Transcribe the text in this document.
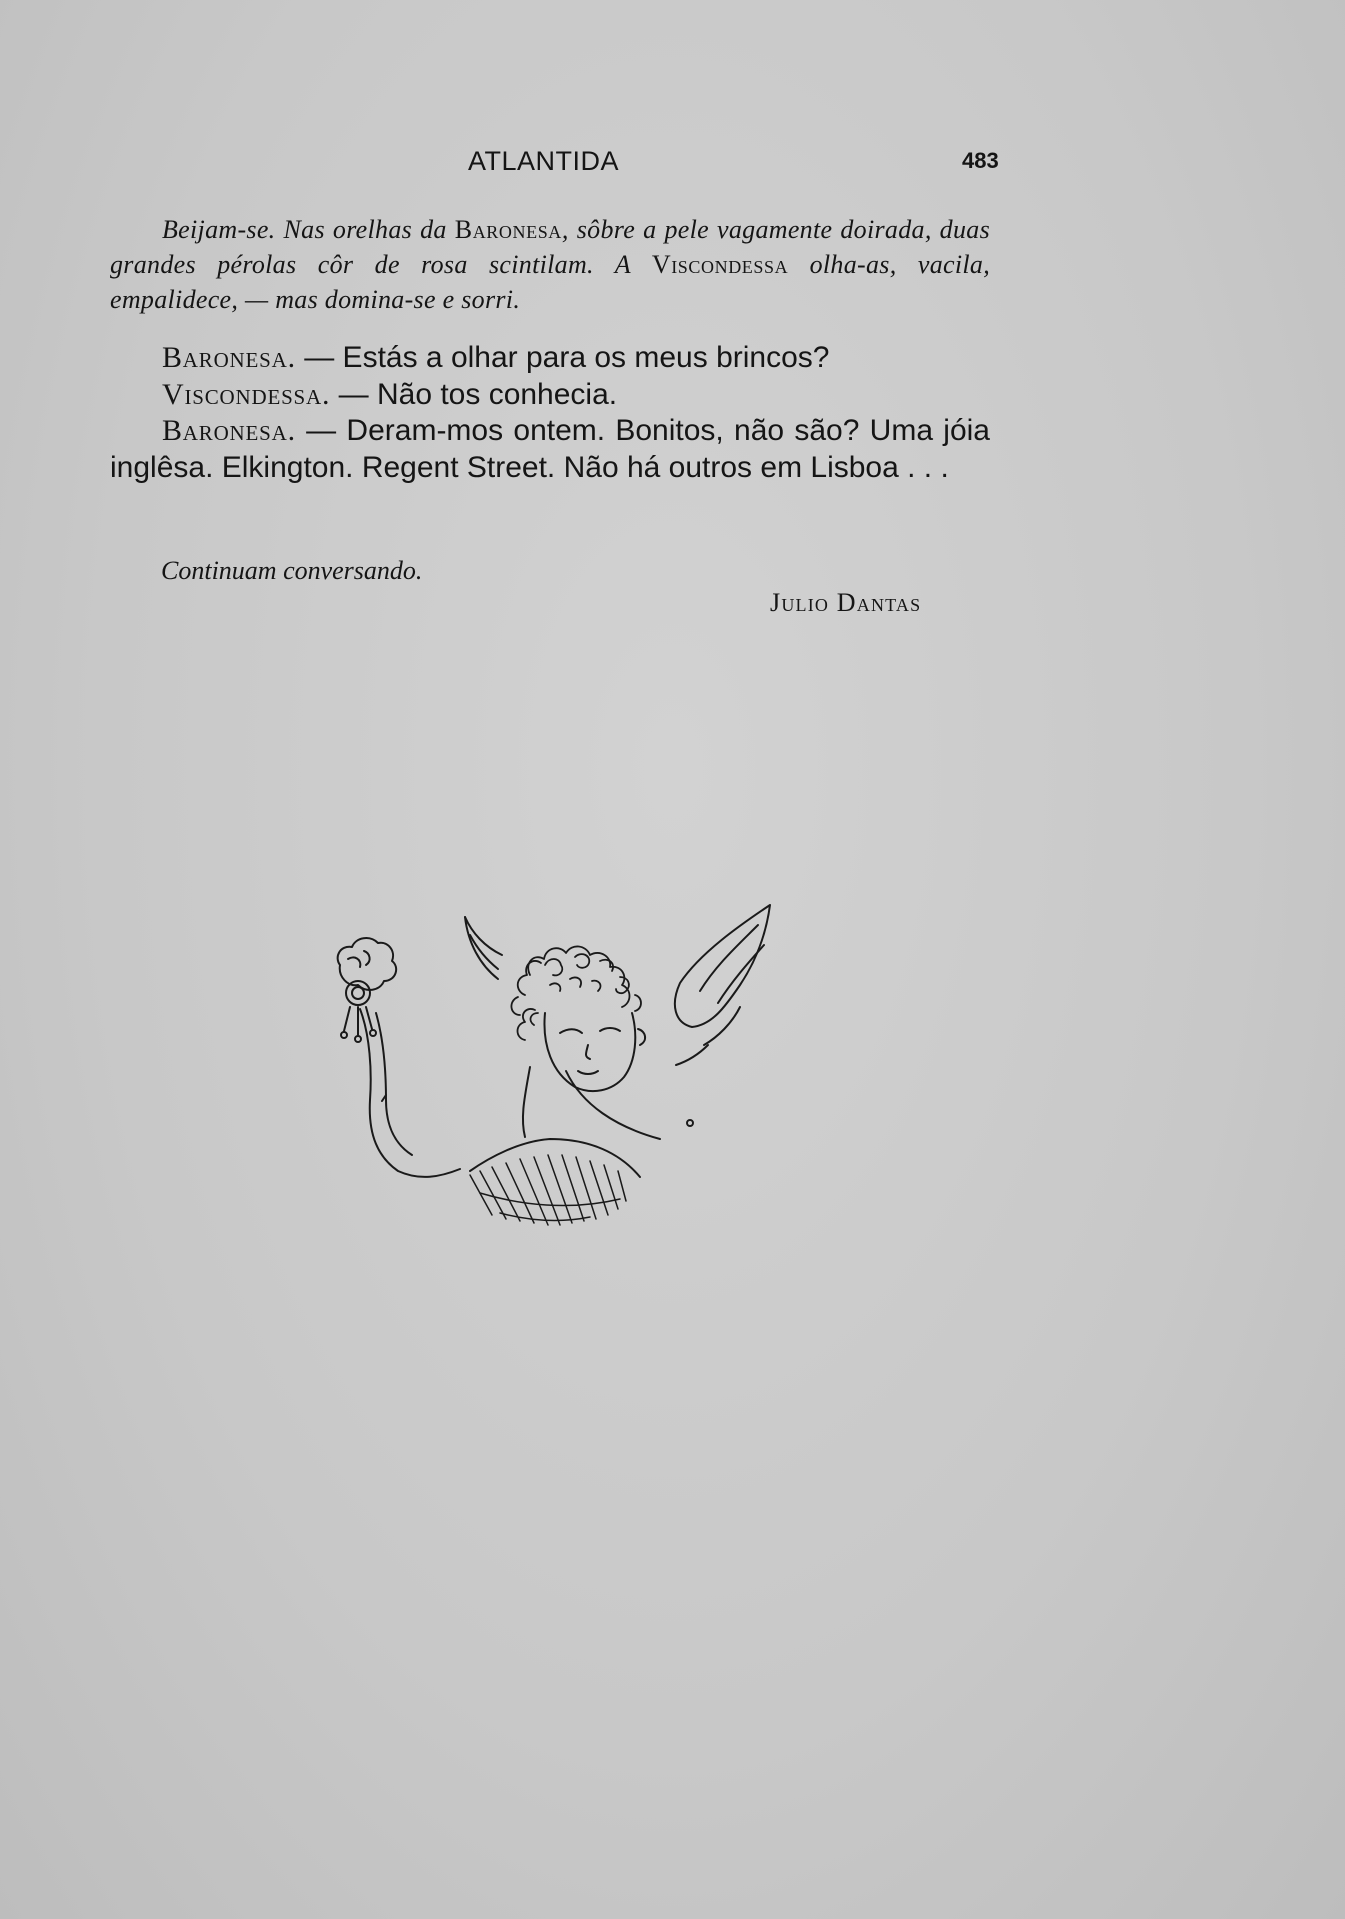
ATLANTIDA	483
Beijam-se. Nas orelhas da Baronesa, sôbre a pele vagamente doirada, duas grandes pérolas côr de rosa scintilam. A Viscondessa olha-as, vacila, empalidece, — mas domina-se e sorri.

Baronesa. — Estás a olhar para os meus brincos?

Viscondessa. — Não tos conhecia.

Baronesa. — Deram-mos ontem. Bonitos, não são? Uma jóia inglêsa. Elkington. Regent Street. Não há outros em Lisboa . . .

Continuam conversando.
Julio Dantas
